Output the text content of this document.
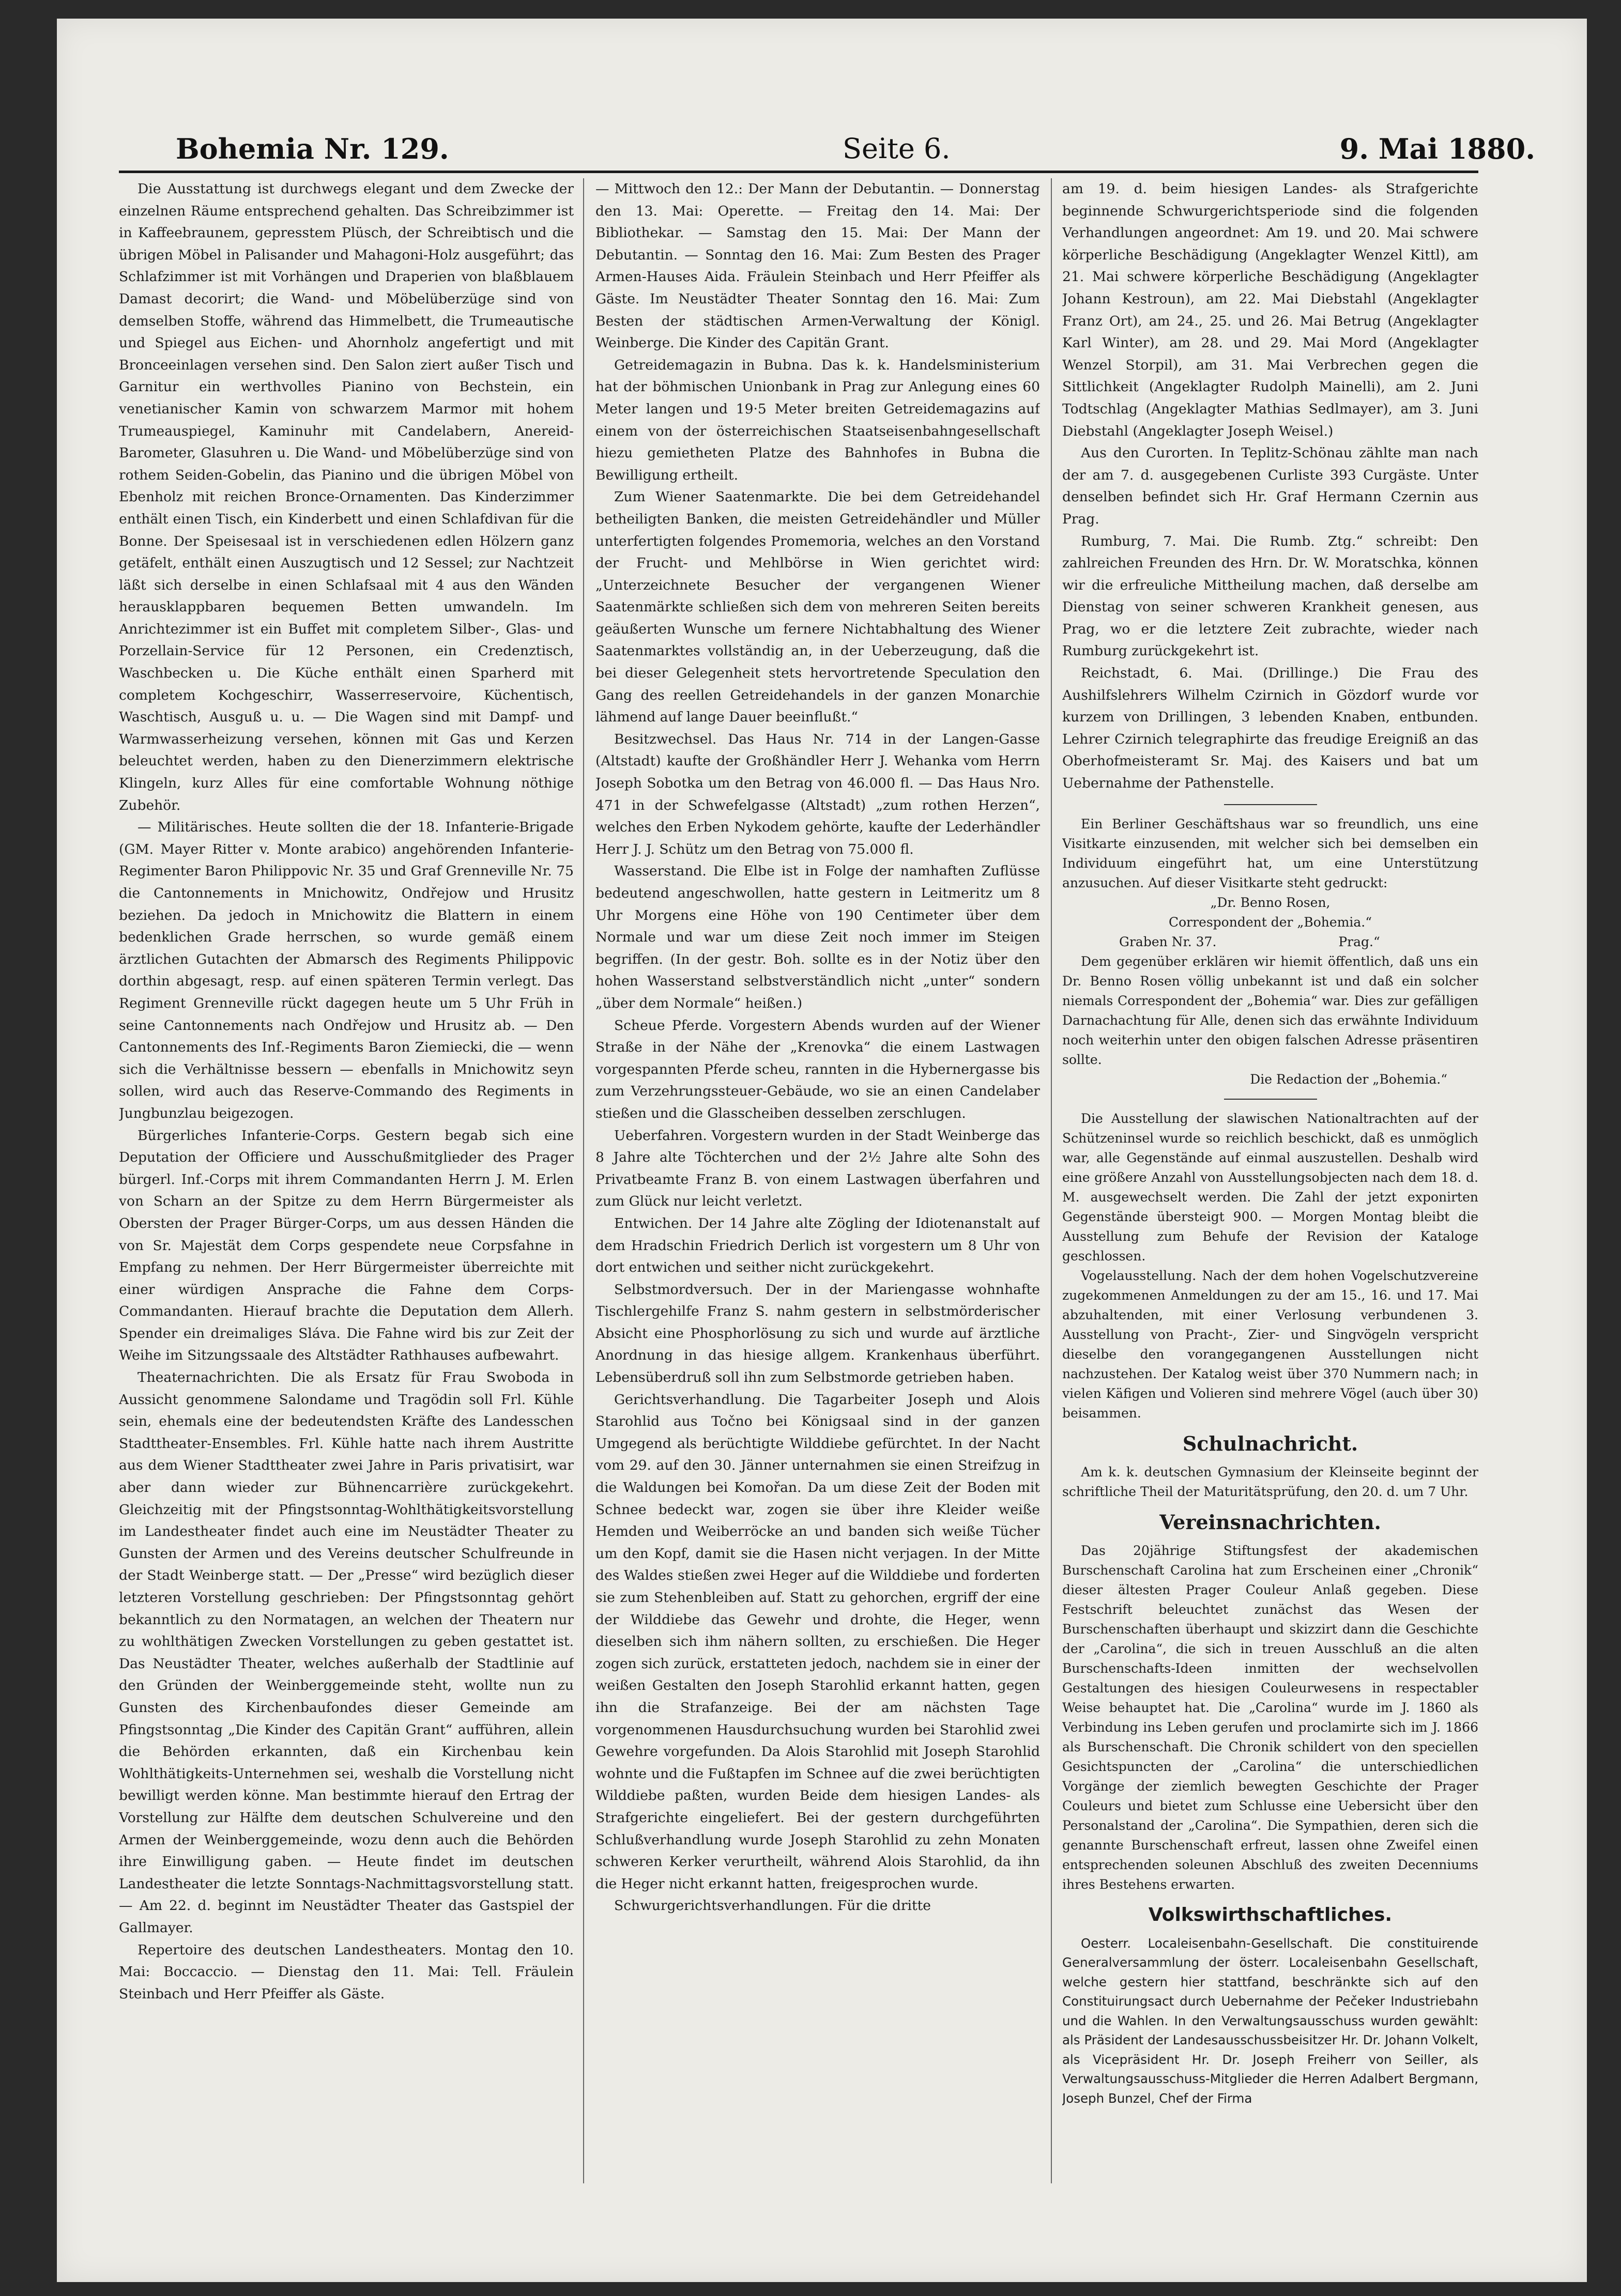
Bohemia Nr. 129.	Seite 6.	9. Mai 1880.

Die Ausstattung ist durchwegs elegant und dem Zwecke der einzelnen Räume entsprechend gehalten. Das Schreibzimmer ist in Kaffeebraunem, gepresstem Plüsch, der Schreibtisch und die übrigen Möbel in Palisander und Mahagoni-Holz ausgeführt; das Schlafzimmer ist mit Vorhängen und Draperien von blaßblauem Damast decorirt; die Wand- und Möbelüberzüge sind von demselben Stoffe, während das Himmelbett, die Trumeautische und Spiegel aus Eichen- und Ahornholz angefertigt und mit Bronceeinlagen versehen sind. Den Salon ziert außer Tisch und Garnitur ein werthvolles Pianino von Bechstein, ein venetianischer Kamin von schwarzem Marmor mit hohem Trumeauspiegel, Kaminuhr mit Candelabern, Anereid-Barometer, Glasuhren u. Die Wand- und Möbelüberzüge sind von rothem Seiden-Gobelin, das Pianino und die übrigen Möbel von Ebenholz mit reichen Bronce-Ornamenten. Das Kinderzimmer enthält einen Tisch, ein Kinderbett und einen Schlafdivan für die Bonne. Der Speisesaal ist in verschiedenen edlen Hölzern ganz getäfelt, enthält einen Auszugtisch und 12 Sessel; zur Nachtzeit läßt sich derselbe in einen Schlafsaal mit 4 aus den Wänden herausklappbaren bequemen Betten umwandeln. Im Anrichtezimmer ist ein Buffet mit completem Silber-, Glas- und Porzellain-Service für 12 Personen, ein Credenztisch, Waschbecken u. Die Küche enthält einen Sparherd mit completem Kochgeschirr, Wasserreservoire, Küchentisch, Waschtisch, Ausguß u. u. — Die Wagen sind mit Dampf- und Warmwasserheizung versehen, können mit Gas und Kerzen beleuchtet werden, haben zu den Dienerzimmern elektrische Klingeln, kurz Alles für eine comfortable Wohnung nöthige Zubehör.

— Militärisches. Heute sollten die der 18. Infanterie-Brigade (GM. Mayer Ritter v. Monte arabico) angehörenden Infanterie-Regimenter Baron Philippovic Nr. 35 und Graf Grenneville Nr. 75 die Cantonnements in Mnichowitz, Ondřejow und Hrusitz beziehen. Da jedoch in Mnichowitz die Blattern in einem bedenklichen Grade herrschen, so wurde gemäß einem ärztlichen Gutachten der Abmarsch des Regiments Philippovic dorthin abgesagt, resp. auf einen späteren Termin verlegt. Das Regiment Grenneville rückt dagegen heute um 5 Uhr Früh in seine Cantonnements nach Ondřejow und Hrusitz ab. — Den Cantonnements des Inf.-Regiments Baron Ziemiecki, die — wenn sich die Verhältnisse bessern — ebenfalls in Mnichowitz seyn sollen, wird auch das Reserve-Commando des Regiments in Jungbunzlau beigezogen.

Bürgerliches Infanterie-Corps. Gestern begab sich eine Deputation der Officiere und Ausschußmitglieder des Prager bürgerl. Inf.-Corps mit ihrem Commandanten Herrn J. M. Erlen von Scharn an der Spitze zu dem Herrn Bürgermeister als Obersten der Prager Bürger-Corps, um aus dessen Händen die von Sr. Majestät dem Corps gespendete neue Corpsfahne in Empfang zu nehmen. Der Herr Bürgermeister überreichte mit einer würdigen Ansprache die Fahne dem Corps-Commandanten. Hierauf brachte die Deputation dem Allerh. Spender ein dreimaliges Sláva. Die Fahne wird bis zur Zeit der Weihe im Sitzungssaale des Altstädter Rathhauses aufbewahrt.

Theaternachrichten. Die als Ersatz für Frau Swoboda in Aussicht genommene Salondame und Tragödin soll Frl. Kühle sein, ehemals eine der bedeutendsten Kräfte des Landesschen Stadttheater-Ensembles. Frl. Kühle hatte nach ihrem Austritte aus dem Wiener Stadttheater zwei Jahre in Paris privatisirt, war aber dann wieder zur Bühnencarrière zurückgekehrt. Gleichzeitig mit der Pfingstsonntag-Wohlthätigkeitsvorstellung im Landestheater findet auch eine im Neustädter Theater zu Gunsten der Armen und des Vereins deutscher Schulfreunde in der Stadt Weinberge statt. — Der „Presse“ wird bezüglich dieser letzteren Vorstellung geschrieben: Der Pfingstsonntag gehört bekanntlich zu den Normatagen, an welchen der Theatern nur zu wohlthätigen Zwecken Vorstellungen zu geben gestattet ist. Das Neustädter Theater, welches außerhalb der Stadtlinie auf den Gründen der Weinberggemeinde steht, wollte nun zu Gunsten des Kirchenbaufondes dieser Gemeinde am Pfingstsonntag „Die Kinder des Capitän Grant“ aufführen, allein die Behörden erkannten, daß ein Kirchenbau kein Wohlthätigkeits-Unternehmen sei, weshalb die Vorstellung nicht bewilligt werden könne. Man bestimmte hierauf den Ertrag der Vorstellung zur Hälfte dem deutschen Schulvereine und den Armen der Weinberggemeinde, wozu denn auch die Behörden ihre Einwilligung gaben. — Heute findet im deutschen Landestheater die letzte Sonntags-Nachmittagsvorstellung statt. — Am 22. d. beginnt im Neustädter Theater das Gastspiel der Gallmayer.

Repertoire des deutschen Landestheaters. Montag den 10. Mai: Boccaccio. — Dienstag den 11. Mai: Tell. Fräulein Steinbach und Herr Pfeiffer als Gäste.

— Mittwoch den 12.: Der Mann der Debutantin. — Donnerstag den 13. Mai: Operette. — Freitag den 14. Mai: Der Bibliothekar. — Samstag den 15. Mai: Der Mann der Debutantin. — Sonntag den 16. Mai: Zum Besten des Prager Armen-Hauses Aida. Fräulein Steinbach und Herr Pfeiffer als Gäste. Im Neustädter Theater Sonntag den 16. Mai: Zum Besten der städtischen Armen-Verwaltung der Königl. Weinberge. Die Kinder des Capitän Grant.

Getreidemagazin in Bubna. Das k. k. Handelsministerium hat der böhmischen Unionbank in Prag zur Anlegung eines 60 Meter langen und 19·5 Meter breiten Getreidemagazins auf einem von der österreichischen Staatseisenbahngesellschaft hiezu gemietheten Platze des Bahnhofes in Bubna die Bewilligung ertheilt.

Zum Wiener Saatenmarkte. Die bei dem Getreidehandel betheiligten Banken, die meisten Getreidehändler und Müller unterfertigten folgendes Promemoria, welches an den Vorstand der Frucht- und Mehlbörse in Wien gerichtet wird: „Unterzeichnete Besucher der vergangenen Wiener Saatenmärkte schließen sich dem von mehreren Seiten bereits geäußerten Wunsche um fernere Nichtabhaltung des Wiener Saatenmarktes vollständig an, in der Ueberzeugung, daß die bei dieser Gelegenheit stets hervortretende Speculation den Gang des reellen Getreidehandels in der ganzen Monarchie lähmend auf lange Dauer beeinflußt.“

Besitzwechsel. Das Haus Nr. 714 in der Langen-Gasse (Altstadt) kaufte der Großhändler Herr J. Wehanka vom Herrn Joseph Sobotka um den Betrag von 46.000 fl. — Das Haus Nro. 471 in der Schwefelgasse (Altstadt) „zum rothen Herzen“, welches den Erben Nykodem gehörte, kaufte der Lederhändler Herr J. J. Schütz um den Betrag von 75.000 fl.

Wasserstand. Die Elbe ist in Folge der namhaften Zuflüsse bedeutend angeschwollen, hatte gestern in Leitmeritz um 8 Uhr Morgens eine Höhe von 190 Centimeter über dem Normale und war um diese Zeit noch immer im Steigen begriffen. (In der gestr. Boh. sollte es in der Notiz über den hohen Wasserstand selbstverständlich nicht „unter“ sondern „über dem Normale“ heißen.)

Scheue Pferde. Vorgestern Abends wurden auf der Wiener Straße in der Nähe der „Krenovka“ die einem Lastwagen vorgespannten Pferde scheu, rannten in die Hybernergasse bis zum Verzehrungssteuer-Gebäude, wo sie an einen Candelaber stießen und die Glasscheiben desselben zerschlugen.

Ueberfahren. Vorgestern wurden in der Stadt Weinberge das 8 Jahre alte Töchterchen und der 2½ Jahre alte Sohn des Privatbeamte Franz B. von einem Lastwagen überfahren und zum Glück nur leicht verletzt.

Entwichen. Der 14 Jahre alte Zögling der Idiotenanstalt auf dem Hradschin Friedrich Derlich ist vorgestern um 8 Uhr von dort entwichen und seither nicht zurückgekehrt.

Selbstmordversuch. Der in der Mariengasse wohnhafte Tischlergehilfe Franz S. nahm gestern in selbstmörderischer Absicht eine Phosphorlösung zu sich und wurde auf ärztliche Anordnung in das hiesige allgem. Krankenhaus überführt. Lebensüberdruß soll ihn zum Selbstmorde getrieben haben.

Gerichtsverhandlung. Die Tagarbeiter Joseph und Alois Starohlid aus Točno bei Königsaal sind in der ganzen Umgegend als berüchtigte Wilddiebe gefürchtet. In der Nacht vom 29. auf den 30. Jänner unternahmen sie einen Streifzug in die Waldungen bei Komořan. Da um diese Zeit der Boden mit Schnee bedeckt war, zogen sie über ihre Kleider weiße Hemden und Weiberröcke an und banden sich weiße Tücher um den Kopf, damit sie die Hasen nicht verjagen. In der Mitte des Waldes stießen zwei Heger auf die Wilddiebe und forderten sie zum Stehenbleiben auf. Statt zu gehorchen, ergriff der eine der Wilddiebe das Gewehr und drohte, die Heger, wenn dieselben sich ihm nähern sollten, zu erschießen. Die Heger zogen sich zurück, erstatteten jedoch, nachdem sie in einer der weißen Gestalten den Joseph Starohlid erkannt hatten, gegen ihn die Strafanzeige. Bei der am nächsten Tage vorgenommenen Hausdurchsuchung wurden bei Starohlid zwei Gewehre vorgefunden. Da Alois Starohlid mit Joseph Starohlid wohnte und die Fußtapfen im Schnee auf die zwei berüchtigten Wilddiebe paßten, wurden Beide dem hiesigen Landes- als Strafgerichte eingeliefert. Bei der gestern durchgeführten Schlußverhandlung wurde Joseph Starohlid zu zehn Monaten schweren Kerker verurtheilt, während Alois Starohlid, da ihn die Heger nicht erkannt hatten, freigesprochen wurde.

Schwurgerichtsverhandlungen. Für die dritte

am 19. d. beim hiesigen Landes- als Strafgerichte beginnende Schwurgerichtsperiode sind die folgenden Verhandlungen angeordnet: Am 19. und 20. Mai schwere körperliche Beschädigung (Angeklagter Wenzel Kittl), am 21. Mai schwere körperliche Beschädigung (Angeklagter Johann Kestroun), am 22. Mai Diebstahl (Angeklagter Franz Ort), am 24., 25. und 26. Mai Betrug (Angeklagter Karl Winter), am 28. und 29. Mai Mord (Angeklagter Wenzel Storpil), am 31. Mai Verbrechen gegen die Sittlichkeit (Angeklagter Rudolph Mainelli), am 2. Juni Todtschlag (Angeklagter Mathias Sedlmayer), am 3. Juni Diebstahl (Angeklagter Joseph Weisel.)

Aus den Curorten. In Teplitz-Schönau zählte man nach der am 7. d. ausgegebenen Curliste 393 Curgäste. Unter denselben befindet sich Hr. Graf Hermann Czernin aus Prag.

Rumburg, 7. Mai. Die Rumb. Ztg.“ schreibt: Den zahlreichen Freunden des Hrn. Dr. W. Moratschka, können wir die erfreuliche Mittheilung machen, daß derselbe am Dienstag von seiner schweren Krankheit genesen, aus Prag, wo er die letztere Zeit zubrachte, wieder nach Rumburg zurückgekehrt ist.

Reichstadt, 6. Mai. (Drillinge.) Die Frau des Aushilfslehrers Wilhelm Czirnich in Gözdorf wurde vor kurzem von Drillingen, 3 lebenden Knaben, entbunden. Lehrer Czirnich telegraphirte das freudige Ereigniß an das Oberhofmeisteramt Sr. Maj. des Kaisers und bat um Uebernahme der Pathenstelle.

Ein Berliner Geschäftshaus war so freundlich, uns eine Visitkarte einzusenden, mit welcher sich bei demselben ein Individuum eingeführt hat, um eine Unterstützung anzusuchen. Auf dieser Visitkarte steht gedruckt:

„Dr. Benno Rosen,

Correspondent der „Bohemia.“

Graben Nr. 37.	Prag.“

Dem gegenüber erklären wir hiemit öffentlich, daß uns ein Dr. Benno Rosen völlig unbekannt ist und daß ein solcher niemals Correspondent der „Bohemia“ war. Dies zur gefälligen Darnachachtung für Alle, denen sich das erwähnte Individuum noch weiterhin unter den obigen falschen Adresse präsentiren sollte.

Die Redaction der „Bohemia.“

Die Ausstellung der slawischen Nationaltrachten auf der Schützeninsel wurde so reichlich beschickt, daß es unmöglich war, alle Gegenstände auf einmal auszustellen. Deshalb wird eine größere Anzahl von Ausstellungsobjecten nach dem 18. d. M. ausgewechselt werden. Die Zahl der jetzt exponirten Gegenstände übersteigt 900. — Morgen Montag bleibt die Ausstellung zum Behufe der Revision der Kataloge geschlossen.

Vogelausstellung. Nach der dem hohen Vogelschutzvereine zugekommenen Anmeldungen zu der am 15., 16. und 17. Mai abzuhaltenden, mit einer Verlosung verbundenen 3. Ausstellung von Pracht-, Zier- und Singvögeln verspricht dieselbe den vorangegangenen Ausstellungen nicht nachzustehen. Der Katalog weist über 370 Nummern nach; in vielen Käfigen und Volieren sind mehrere Vögel (auch über 30) beisammen.

Schulnachricht.

Am k. k. deutschen Gymnasium der Kleinseite beginnt der schriftliche Theil der Maturitätsprüfung, den 20. d. um 7 Uhr.

Vereinsnachrichten.

Das 20jährige Stiftungsfest der akademischen Burschenschaft Carolina hat zum Erscheinen einer „Chronik“ dieser ältesten Prager Couleur Anlaß gegeben. Diese Festschrift beleuchtet zunächst das Wesen der Burschenschaften überhaupt und skizzirt dann die Geschichte der „Carolina“, die sich in treuen Ausschluß an die alten Burschenschafts-Ideen inmitten der wechselvollen Gestaltungen des hiesigen Couleurwesens in respectabler Weise behauptet hat. Die „Carolina“ wurde im J. 1860 als Verbindung ins Leben gerufen und proclamirte sich im J. 1866 als Burschenschaft. Die Chronik schildert von den speciellen Gesichtspuncten der „Carolina“ die unterschiedlichen Vorgänge der ziemlich bewegten Geschichte der Prager Couleurs und bietet zum Schlusse eine Uebersicht über den Personalstand der „Carolina“. Die Sympathien, deren sich die genannte Burschenschaft erfreut, lassen ohne Zweifel einen entsprechenden soleunen Abschluß des zweiten Decenniums ihres Bestehens erwarten.

Volkswirthschaftliches.

Oesterr. Localeisenbahn-Gesellschaft. Die constituirende Generalversammlung der österr. Localeisenbahn Gesellschaft, welche gestern hier stattfand, beschränkte sich auf den Constituirungsact durch Uebernahme der Pečeker Industriebahn und die Wahlen. In den Verwaltungsausschuss wurden gewählt: als Präsident der Landesausschussbeisitzer Hr. Dr. Johann Volkelt, als Vicepräsident Hr. Dr. Joseph Freiherr von Seiller, als Verwaltungsausschuss-Mitglieder die Herren Adalbert Bergmann, Joseph Bunzel, Chef der Firma
